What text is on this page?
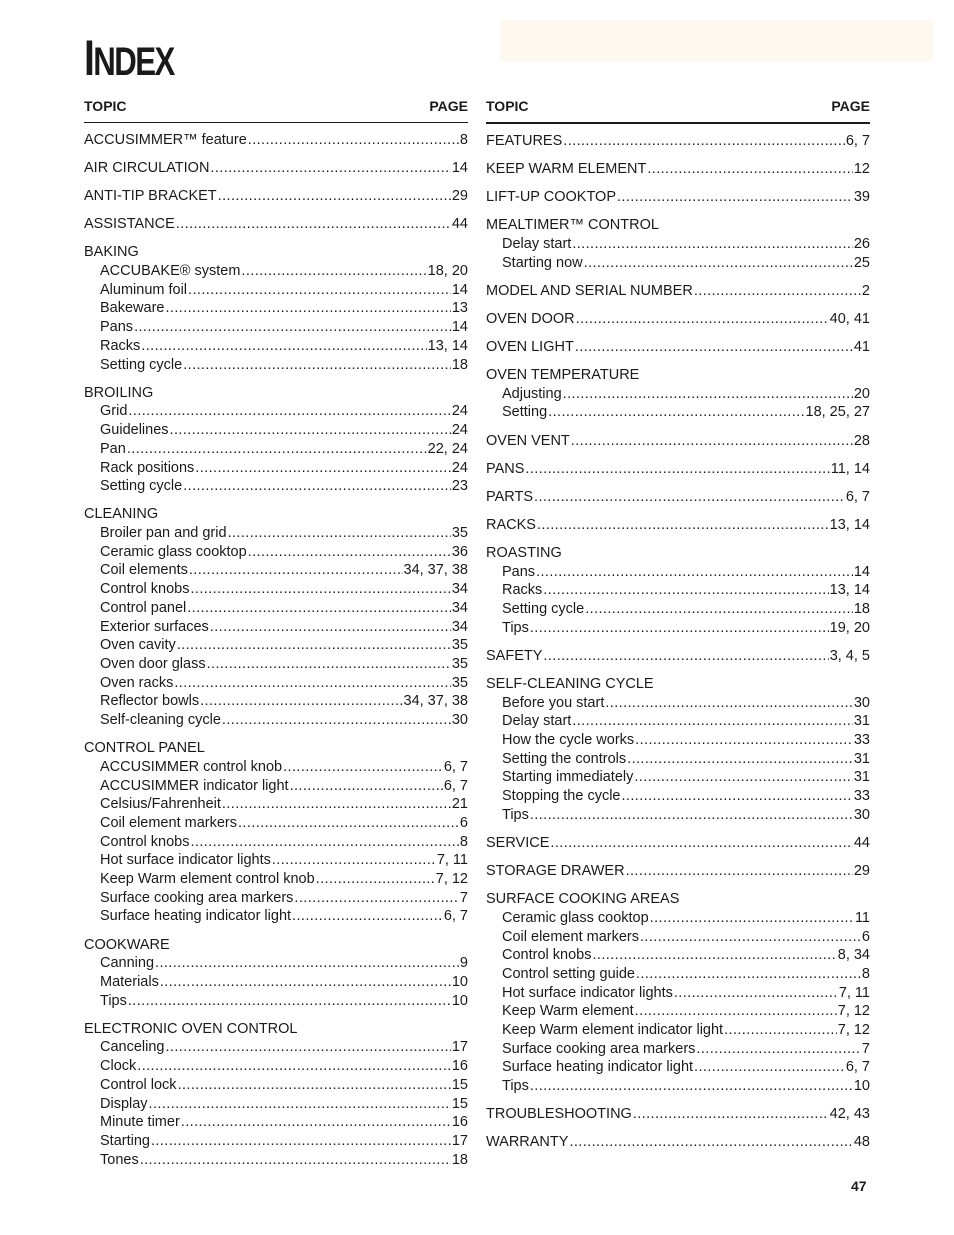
INDEX
TOPIC	PAGE
ACCUSIMMER™ feature .....	8
AIR CIRCULATION .....	14
ANTI-TIP BRACKET .....	29
ASSISTANCE .....	44
BAKING
ACCUBAKE® system .....	18, 20
Aluminum foil .....	14
Bakeware .....	13
Pans .....	14
Racks .....	13, 14
Setting cycle .....	18
BROILING
Grid .....	24
Guidelines .....	24
Pan .....	22, 24
Rack positions .....	24
Setting cycle .....	23
CLEANING
Broiler pan and grid .....	35
Ceramic glass cooktop .....	36
Coil elements .....	34, 37, 38
Control knobs .....	34
Control panel .....	34
Exterior surfaces .....	34
Oven cavity .....	35
Oven door glass .....	35
Oven racks .....	35
Reflector bowls .....	34, 37, 38
Self-cleaning cycle .....	30
CONTROL PANEL
ACCUSIMMER control knob .....	6, 7
ACCUSIMMER indicator light .....	6, 7
Celsius/Fahrenheit .....	21
Coil element markers .....	6
Control knobs .....	8
Hot surface indicator lights .....	7, 11
Keep Warm element control knob .....	7, 12
Surface cooking area markers .....	7
Surface heating indicator light .....	6, 7
COOKWARE
Canning .....	9
Materials .....	10
Tips .....	10
ELECTRONIC OVEN CONTROL
Canceling .....	17
Clock .....	16
Control lock .....	15
Display .....	15
Minute timer .....	16
Starting .....	17
Tones .....	18
TOPIC	PAGE
FEATURES .....	6, 7
KEEP WARM ELEMENT .....	12
LIFT-UP COOKTOP .....	39
MEALTIMER™ CONTROL
Delay start .....	26
Starting now .....	25
MODEL AND SERIAL NUMBER .....	2
OVEN DOOR .....	40, 41
OVEN LIGHT .....	41
OVEN TEMPERATURE
Adjusting .....	20
Setting .....	18, 25, 27
OVEN VENT .....	28
PANS .....	11, 14
PARTS .....	6, 7
RACKS .....	13, 14
ROASTING
Pans .....	14
Racks .....	13, 14
Setting cycle .....	18
Tips .....	19, 20
SAFETY .....	3, 4, 5
SELF-CLEANING CYCLE
Before you start .....	30
Delay start .....	31
How the cycle works .....	33
Setting the controls .....	31
Starting immediately .....	31
Stopping the cycle .....	33
Tips .....	30
SERVICE .....	44
STORAGE DRAWER .....	29
SURFACE COOKING AREAS
Ceramic glass cooktop .....	11
Coil element markers .....	6
Control knobs .....	8, 34
Control setting guide .....	8
Hot surface indicator lights .....	7, 11
Keep Warm element .....	7, 12
Keep Warm element indicator light .....	7, 12
Surface cooking area markers .....	7
Surface heating indicator light .....	6, 7
Tips .....	10
TROUBLESHOOTING .....	42, 43
WARRANTY .....	48
47
